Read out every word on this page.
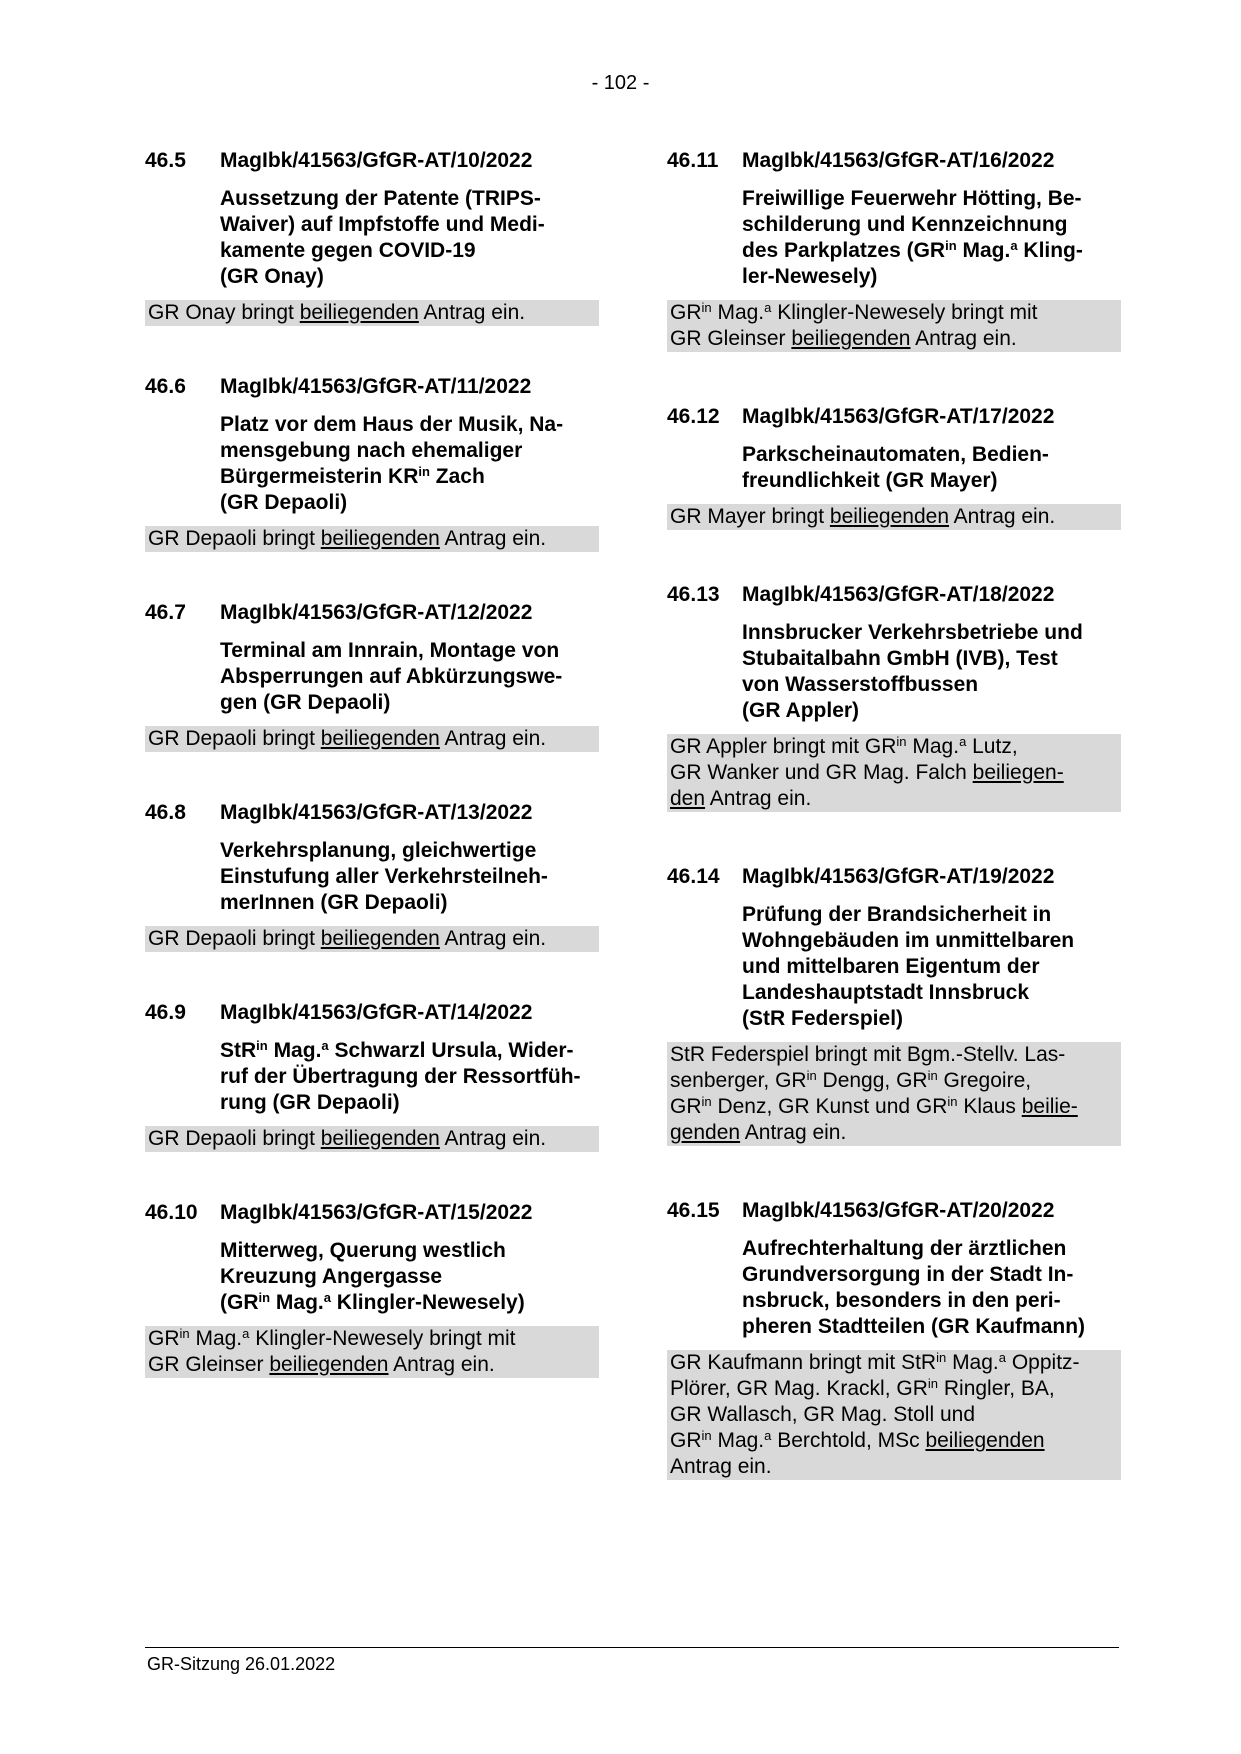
- 102 -
46.5	MagIbk/41563/GfGR-AT/10/2022
Aussetzung der Patente (TRIPS-
Waiver) auf Impfstoffe und Medi-
kamente gegen COVID-19
(GR Onay)
GR Onay bringt beiliegenden Antrag ein.
46.6	MagIbk/41563/GfGR-AT/11/2022
Platz vor dem Haus der Musik, Na-
mensgebung nach ehemaliger
Bürgermeisterin $KR^{in}$ Zach
(GR Depaoli)
GR Depaoli bringt beiliegenden Antrag ein.
46.7	MagIbk/41563/GfGR-AT/12/2022
Terminal am Innrain, Montage von
Absperrungen auf Abkürzungswe-
gen (GR Depaoli)
GR Depaoli bringt beiliegenden Antrag ein.
46.8	MagIbk/41563/GfGR-AT/13/2022
Verkehrsplanung, gleichwertige
Einstufung aller Verkehrsteilneh-
merInnen (GR Depaoli)
GR Depaoli bringt beiliegenden Antrag ein.
46.9	MagIbk/41563/GfGR-AT/14/2022
StR$^{in}$ Mag.$^a$ Schwarzl Ursula, Wider-
ruf der Übertragung der Ressortfüh-
rung (GR Depaoli)
GR Depaoli bringt beiliegenden Antrag ein.
46.10	MagIbk/41563/GfGR-AT/15/2022
Mitterweg, Querung westlich
Kreuzung Angergasse
($GR^{in}$ Mag.$^a$ Klingler-Newesely)
$GR^{in}$ Mag.$^a$ Klingler-Newesely bringt mit
GR Gleinser beiliegenden Antrag ein.
46.11	MagIbk/41563/GfGR-AT/16/2022
Freiwillige Feuerwehr Hötting, Be-
schilderung und Kennzeichnung
des Parkplatzes ($GR^{in}$ Mag.$^a$ Kling-
ler-Newesely)
$GR^{in}$ Mag.$^a$ Klingler-Newesely bringt mit
GR Gleinser beiliegenden Antrag ein.
46.12	MagIbk/41563/GfGR-AT/17/2022
Parkscheinautomaten, Bedien-
freundlichkeit (GR Mayer)
GR Mayer bringt beiliegenden Antrag ein.
46.13	MagIbk/41563/GfGR-AT/18/2022
Innsbrucker Verkehrsbetriebe und
Stubaitalbahn GmbH (IVB), Test
von Wasserstoffbussen
(GR Appler)
GR Appler bringt mit $GR^{in}$ Mag.$^a$ Lutz,
GR Wanker und GR Mag. Falch beiliegen-
den Antrag ein.
46.14	MagIbk/41563/GfGR-AT/19/2022
Prüfung der Brandsicherheit in
Wohngebäuden im unmittelbaren
und mittelbaren Eigentum der
Landeshauptstadt Innsbruck
(StR Federspiel)
StR Federspiel bringt mit Bgm.-Stellv. Las-
senberger, $GR^{in}$ Dengg, $GR^{in}$ Gregoire,
$GR^{in}$ Denz, GR Kunst und $GR^{in}$ Klaus beilie-
genden Antrag ein.
46.15	MagIbk/41563/GfGR-AT/20/2022
Aufrechterhaltung der ärztlichen
Grundversorgung in der Stadt In-
nsbruck, besonders in den peri-
pheren Stadtteilen (GR Kaufmann)
GR Kaufmann bringt mit StR$^{in}$ Mag.$^a$ Oppitz-
Plörer, GR Mag. Krackl, $GR^{in}$ Ringler, BA,
GR Wallasch, GR Mag. Stoll und
$GR^{in}$ Mag.$^a$ Berchtold, MSc beiliegenden
Antrag ein.
GR-Sitzung 26.01.2022
